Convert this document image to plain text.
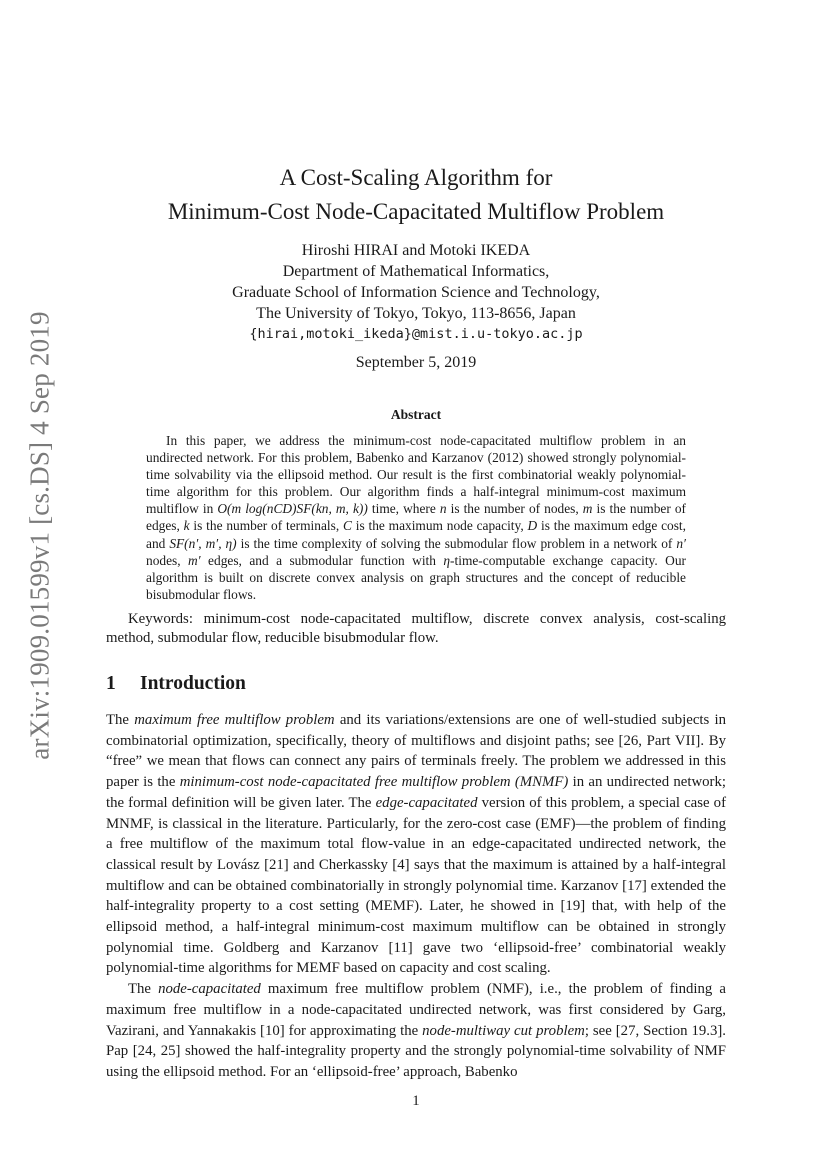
arXiv:1909.01599v1 [cs.DS] 4 Sep 2019
A Cost-Scaling Algorithm for
Minimum-Cost Node-Capacitated Multiflow Problem
Hiroshi HIRAI and Motoki IKEDA
Department of Mathematical Informatics,
Graduate School of Information Science and Technology,
The University of Tokyo, Tokyo, 113-8656, Japan
{hirai,motoki_ikeda}@mist.i.u-tokyo.ac.jp
September 5, 2019
Abstract
In this paper, we address the minimum-cost node-capacitated multiflow problem in an undirected network. For this problem, Babenko and Karzanov (2012) showed strongly polynomial-time solvability via the ellipsoid method. Our result is the first combinatorial weakly polynomial-time algorithm for this problem. Our algorithm finds a half-integral minimum-cost maximum multiflow in O(m log(nCD)SF(kn, m, k)) time, where n is the number of nodes, m is the number of edges, k is the number of terminals, C is the maximum node capacity, D is the maximum edge cost, and SF(n′, m′, η) is the time complexity of solving the submodular flow problem in a network of n′ nodes, m′ edges, and a submodular function with η-time-computable exchange capacity. Our algorithm is built on discrete convex analysis on graph structures and the concept of reducible bisubmodular flows.
Keywords: minimum-cost node-capacitated multiflow, discrete convex analysis, cost-scaling method, submodular flow, reducible bisubmodular flow.
1 Introduction

The maximum free multiflow problem and its variations/extensions are one of well-studied subjects in combinatorial optimization, specifically, theory of multiflows and disjoint paths; see [26, Part VII]. By “free” we mean that flows can connect any pairs of terminals freely. The problem we addressed in this paper is the minimum-cost node-capacitated free multiflow problem (MNMF) in an undirected network; the formal definition will be given later. The edge-capacitated version of this problem, a special case of MNMF, is classical in the literature. Particularly, for the zero-cost case (EMF)—the problem of finding a free multiflow of the maximum total flow-value in an edge-capacitated undirected network, the classical result by Lovász [21] and Cherkassky [4] says that the maximum is attained by a half-integral multiflow and can be obtained combinatorially in strongly polynomial time. Karzanov [17] extended the half-integrality property to a cost setting (MEMF). Later, he showed in [19] that, with help of the ellipsoid method, a half-integral minimum-cost maximum multiflow can be obtained in strongly polynomial time. Goldberg and Karzanov [11] gave two ‘ellipsoid-free’ combinatorial weakly polynomial-time algorithms for MEMF based on capacity and cost scaling.

The node-capacitated maximum free multiflow problem (NMF), i.e., the problem of finding a maximum free multiflow in a node-capacitated undirected network, was first considered by Garg, Vazirani, and Yannakakis [10] for approximating the node-multiway cut problem; see [27, Section 19.3]. Pap [24, 25] showed the half-integrality property and the strongly polynomial-time solvability of NMF using the ellipsoid method. For an ‘ellipsoid-free’ approach, Babenko

1
